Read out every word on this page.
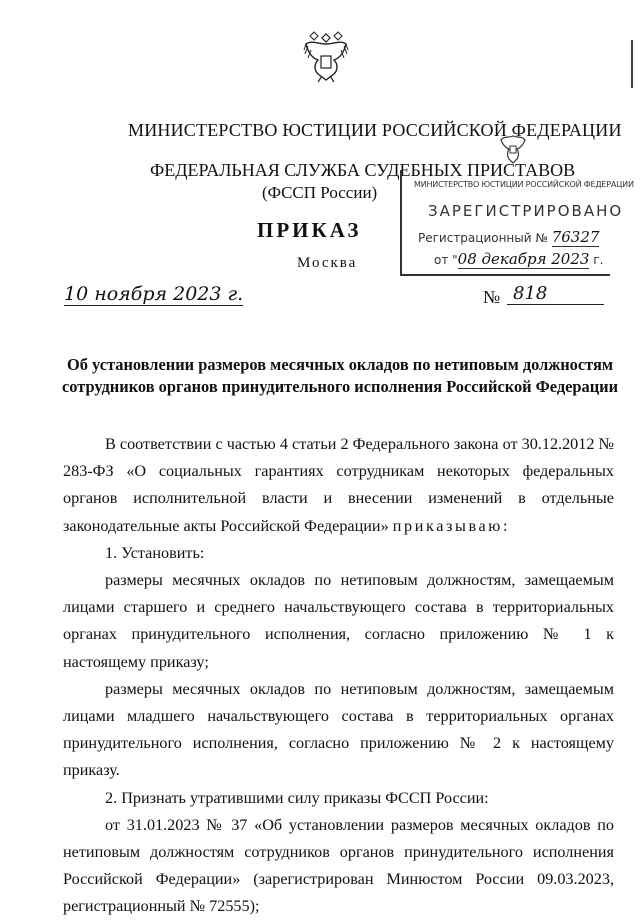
МИНИСТЕРСТВО ЮСТИЦИИ РОССИЙСКОЙ ФЕДЕРАЦИИ
ФЕДЕРАЛЬНАЯ СЛУЖБА СУДЕБНЫХ ПРИСТАВОВ
(ФССП России)
ПРИКАЗ
Москва
МИНИСТЕРСТВО ЮСТИЦИИ РОССИЙСКОЙ ФЕДЕРАЦИИ
ЗАРЕГИСТРИРОВАНО
Регистрационный № 76327
от "08 декабря 2023 г.
10 ноября 2023 г.	№ 818
Об установлении размеров месячных окладов по нетиповым должностям сотрудников органов принудительного исполнения Российской Федерации

В соответствии с частью 4 статьи 2 Федерального закона от 30.12.2012 № 283-ФЗ «О социальных гарантиях сотрудникам некоторых федеральных органов исполнительной власти и внесении изменений в отдельные законодательные акты Российской Федерации» приказываю:

1. Установить:

размеры месячных окладов по нетиповым должностям, замещаемым лицами старшего и среднего начальствующего состава в территориальных органах принудительного исполнения, согласно приложению № 1 к настоящему приказу;

размеры месячных окладов по нетиповым должностям, замещаемым лицами младшего начальствующего состава в территориальных органах принудительного исполнения, согласно приложению № 2 к настоящему приказу.

2. Признать утратившими силу приказы ФССП России:

от 31.01.2023 № 37 «Об установлении размеров месячных окладов по нетиповым должностям сотрудников органов принудительного исполнения Российской Федерации» (зарегистрирован Минюстом России 09.03.2023, регистрационный № 72555);
